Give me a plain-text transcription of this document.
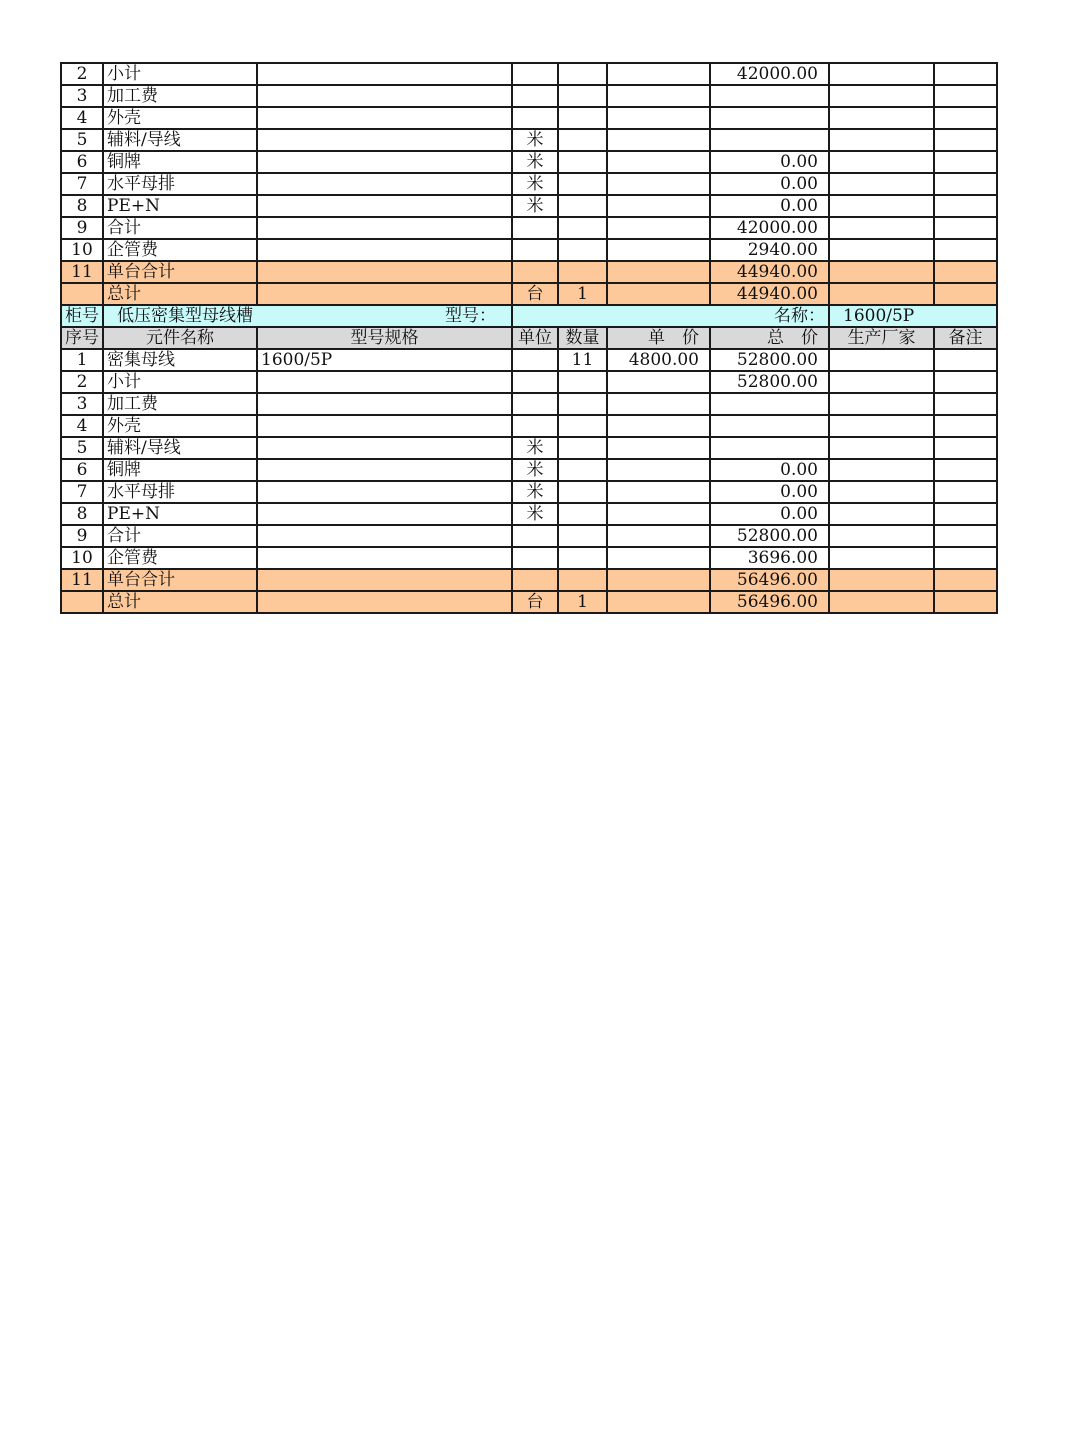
2	小计					42000.00		
3	加工费							
4	外壳							
5	辅料/导线		米					
6	铜牌		米			0.00		
7	水平母排		米			0.00		
8	PE+N		米			0.00		
9	合计					42000.00		
10	企管费					2940.00		
11	单台合计					44940.00		
	总计		台	1		44940.00		
柜号	低压密集型母线槽 型号：		名称：				1600/5P	

序号	元件名称	型号规格	单位	数量	单　价	总　价	生产厂家	备注
1	密集母线	1600/5P		11	4800.00	52800.00		
2	小计					52800.00		
3	加工费							
4	外壳							
5	辅料/导线		米					
6	铜牌		米			0.00		
7	水平母排		米			0.00		
8	PE+N		米			0.00		
9	合计					52800.00		
10	企管费					3696.00		
11	单台合计					56496.00		
	总计		台	1		56496.00		
